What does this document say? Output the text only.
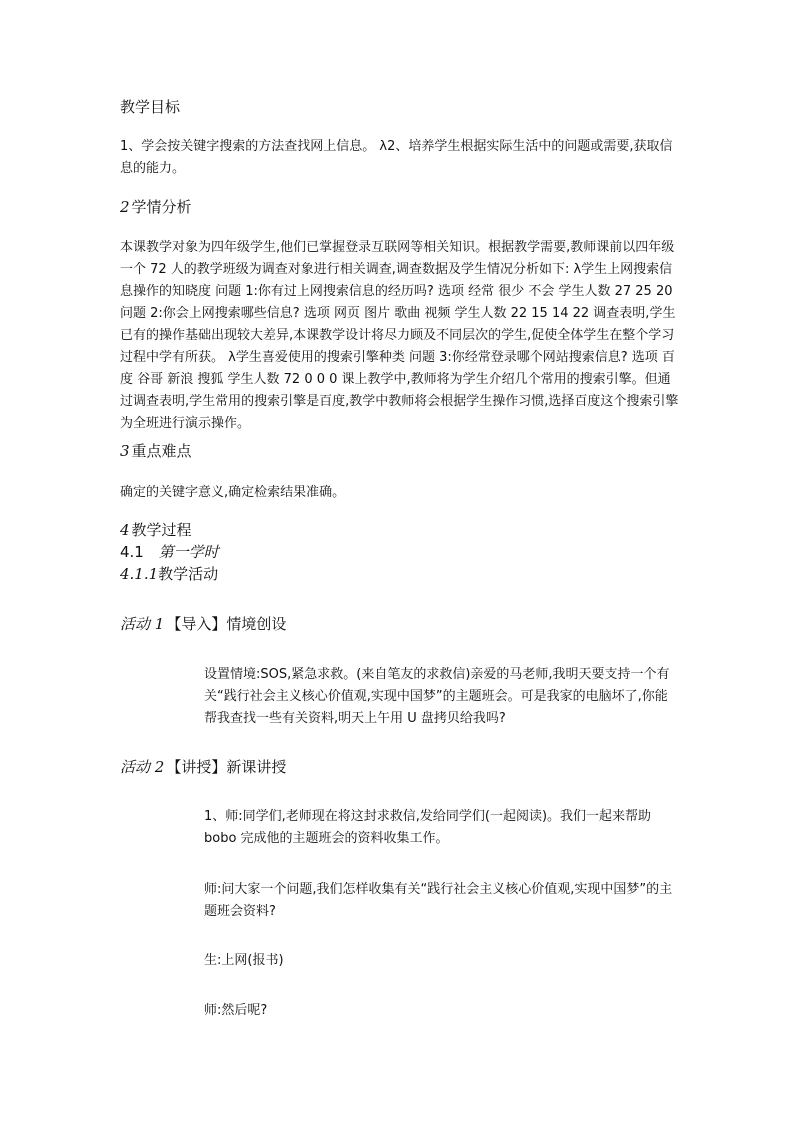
教学目标

1、学会按关键字搜索的方法查找网上信息。 λ2、培养学生根据实际生活中的问题或需要,获取信息的能力。

2 学情分析

本课教学对象为四年级学生,他们已掌握登录互联网等相关知识。根据教学需要,教师课前以四年级一个 72 人的教学班级为调查对象进行相关调查,调查数据及学生情况分析如下: λ学生上网搜索信息操作的知晓度 问题 1:你有过上网搜索信息的经历吗? 选项 经常 很少 不会 学生人数 27 25 20 问题 2:你会上网搜索哪些信息? 选项 网页 图片 歌曲 视频 学生人数 22 15 14 22 调查表明,学生已有的操作基础出现较大差异,本课教学设计将尽力顾及不同层次的学生,促使全体学生在整个学习过程中学有所获。 λ学生喜爱使用的搜索引擎种类 问题 3:你经常登录哪个网站搜索信息? 选项 百度 谷哥 新浪 搜狐 学生人数 72 0 0 0 课上教学中,教师将为学生介绍几个常用的搜索引擎。但通过调查表明,学生常用的搜索引擎是百度,教学中教师将会根据学生操作习惯,选择百度这个搜索引擎为全班进行演示操作。

3 重点难点

确定的关键字意义,确定检索结果准确。

4 教学过程
4.1 第一学时
4.1.1教学活动
活动 1 【导入】情境创设

设置情境:SOS,紧急求救。(来自笔友的求救信)亲爱的马老师,我明天要支持一个有关“践行社会主义核心价值观,实现中国梦”的主题班会。可是我家的电脑坏了,你能帮我查找一些有关资料,明天上午用 U 盘拷贝给我吗?

活动 2 【讲授】新课讲授

1、师:同学们,老师现在将这封求救信,发给同学们(一起阅读)。我们一起来帮助 bobo 完成他的主题班会的资料收集工作。

师:问大家一个问题,我们怎样收集有关“践行社会主义核心价值观,实现中国梦”的主题班会资料?

生:上网(报书)

师:然后呢?
